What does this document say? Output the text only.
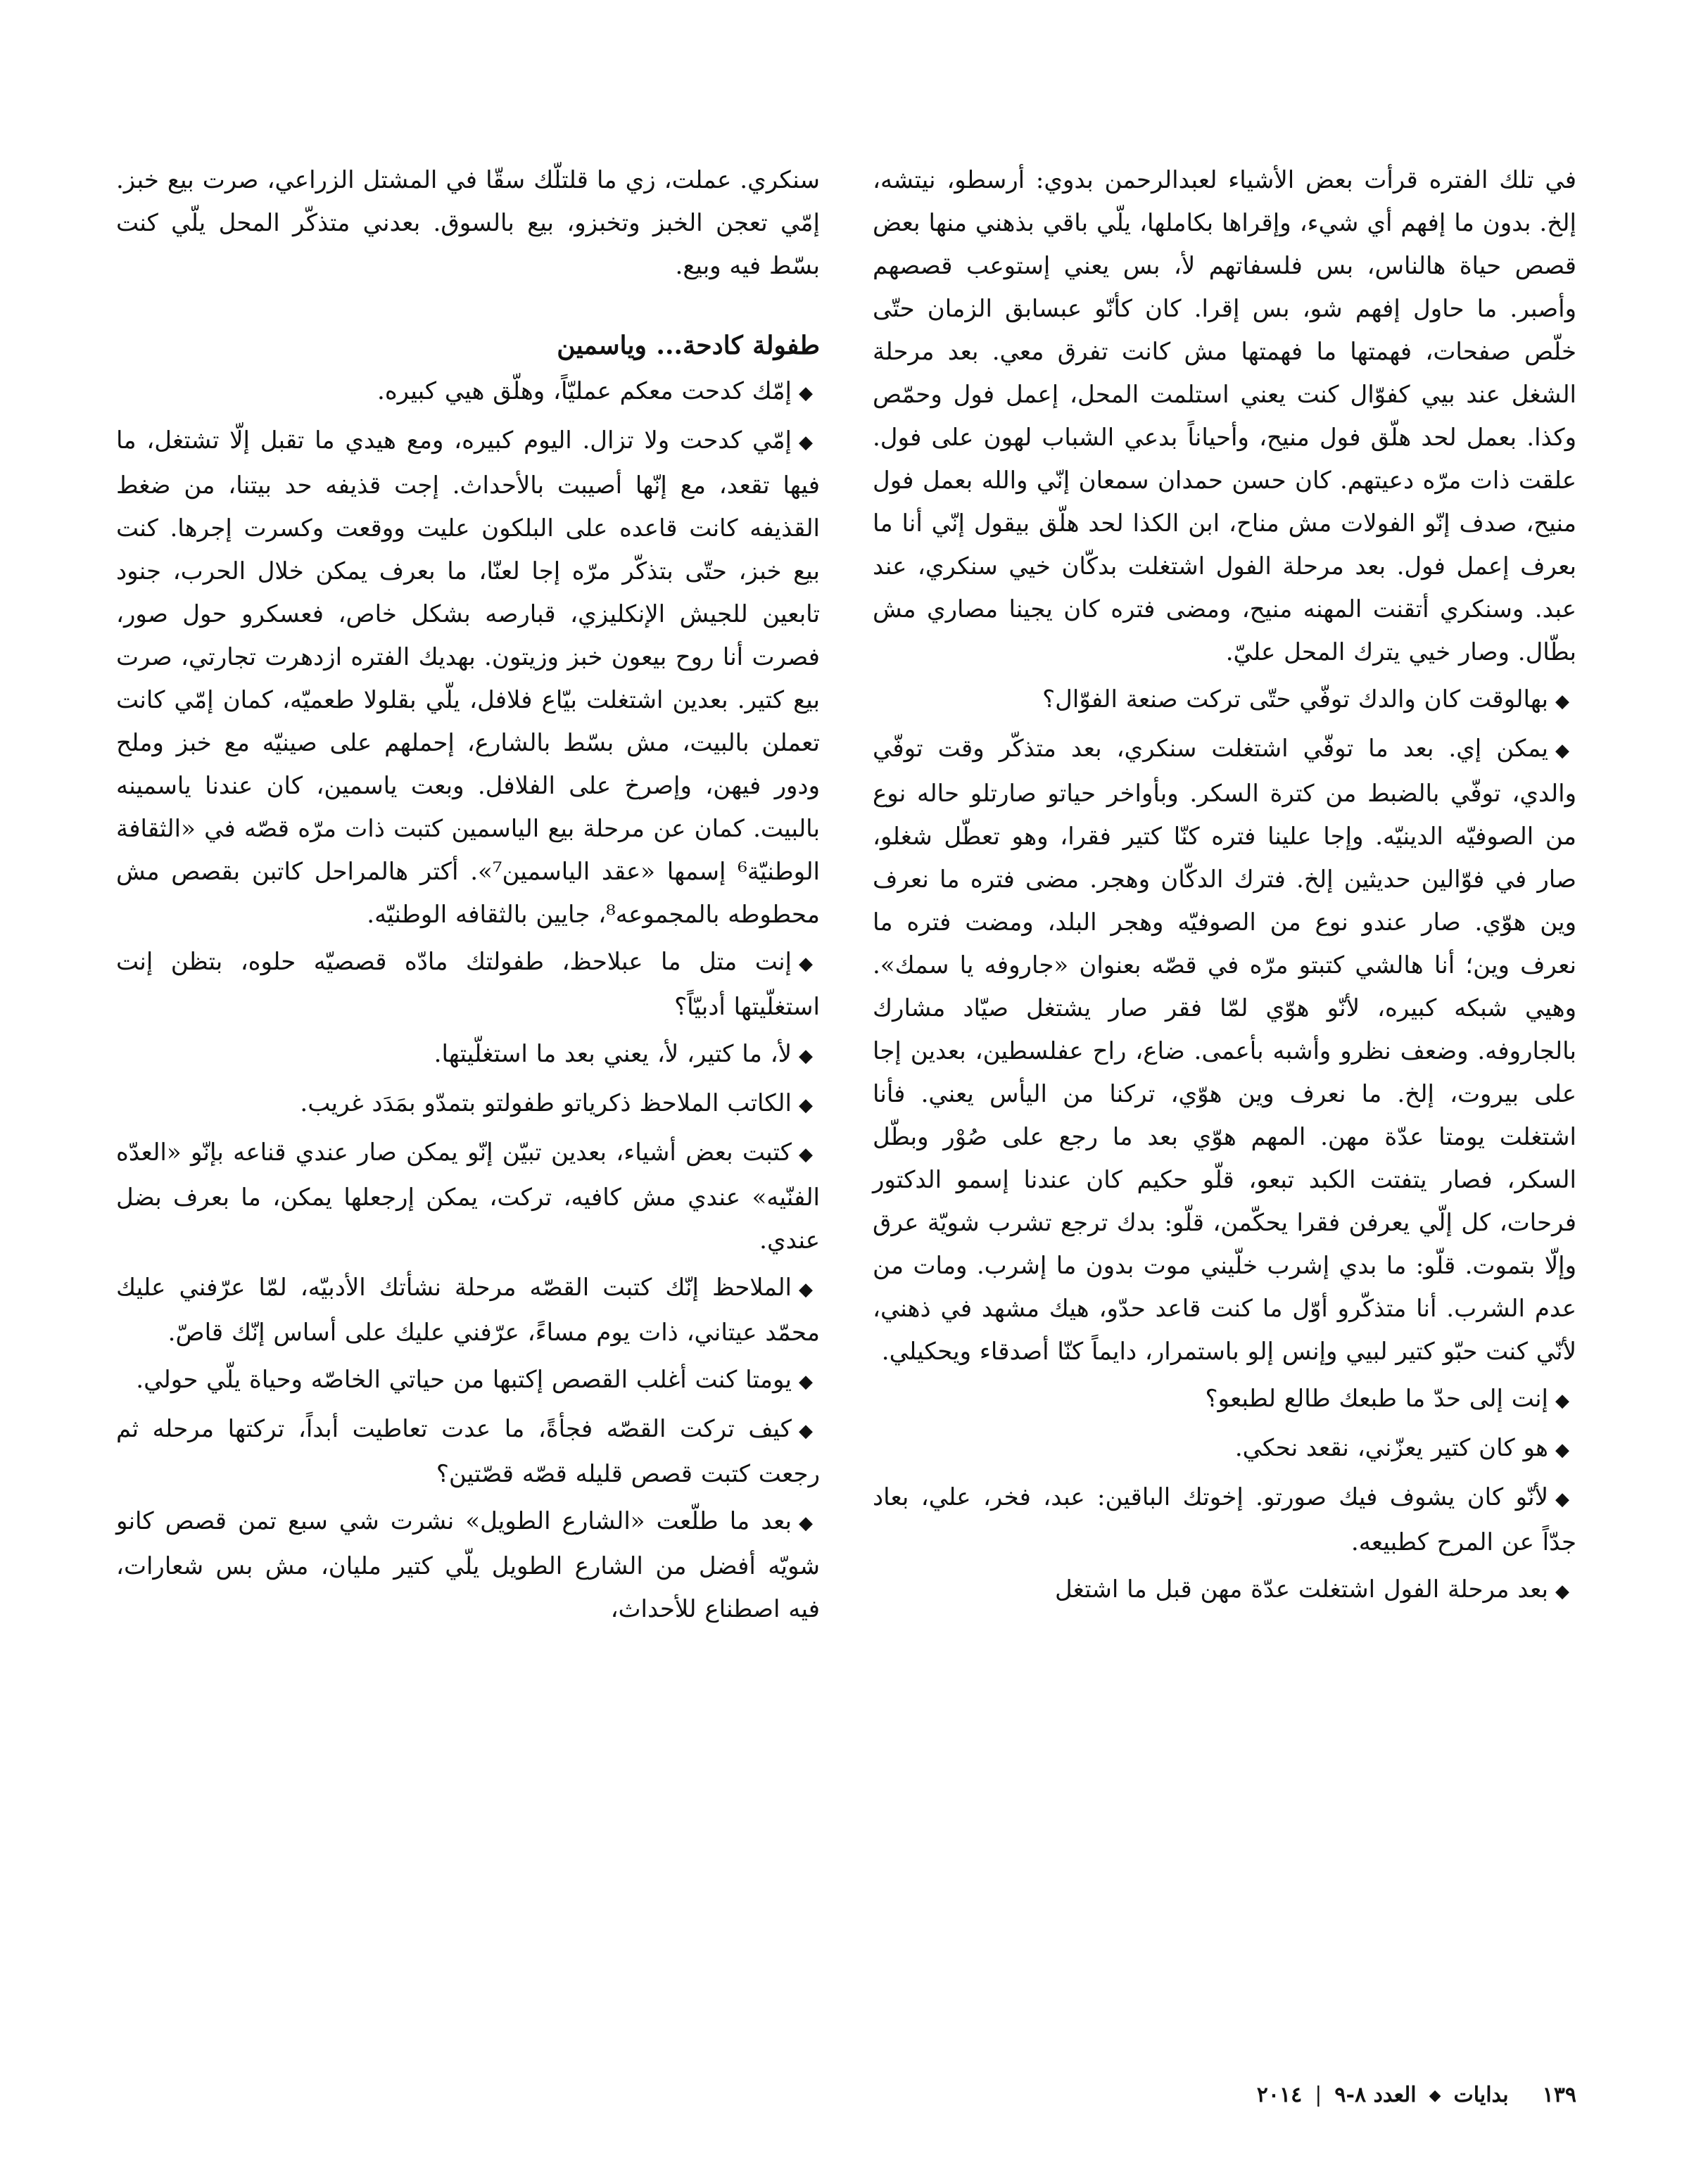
في تلك الفتره قرأت بعض الأشياء لعبدالرحمن بدوي: أرسطو، نيتشه، إلخ. بدون ما إفهم أي شيء، وإقراها بكاملها، يلّي باقي بذهني منها بعض قصص حياة هالناس، بس فلسفاتهم لأ، بس يعني إستوعب قصصهم وأصبر. ما حاول إفهم شو، بس إقرا. كان كأنّو عبسابق الزمان حتّى خلّص صفحات، فهمتها ما فهمتها مش كانت تفرق معي. بعد مرحلة الشغل عند بيي كفوّال كنت يعني استلمت المحل، إعمل فول وحمّص وكذا. بعمل لحد هلّق فول منيح، وأحياناً بدعي الشباب لهون على فول. علقت ذات مرّه دعيتهم. كان حسن حمدان سمعان إنّي والله بعمل فول منيح، صدف إنّو الفولات مش مناح، ابن الكذا لحد هلّق بيقول إنّي أنا ما بعرف إعمل فول. بعد مرحلة الفول اشتغلت بدكّان خيي سنكري، عند عبد. وسنكري أتقنت المهنه منيح، ومضى فتره كان يجينا مصاري مش بطّال. وصار خيي يترك المحل عليّ.

◆ بهالوقت كان والدك توفّي حتّى تركت صنعة الفوّال؟

◆ يمكن إي. بعد ما توفّي اشتغلت سنكري، بعد متذكّر وقت توفّي والدي، توفّي بالضبط من كترة السكر. وبأواخر حياتو صارتلو حاله نوع من الصوفيّه الدينيّه. وإجا علينا فتره كنّا كتير فقرا، وهو تعطّل شغلو، صار في فوّالين حديثين إلخ. فترك الدكّان وهجر. مضى فتره ما نعرف وين هوّي. صار عندو نوع من الصوفيّه وهجر البلد، ومضت فتره ما نعرف وين؛ أنا هالشي كتبتو مرّه في قصّه بعنوان «جاروفه يا سمك». وهيي شبكه كبيره، لأنّو هوّي لمّا فقر صار يشتغل صيّاد مشارك بالجاروفه. وضعف نظرو وأشبه بأعمى. ضاع، راح عفلسطين، بعدين إجا على بيروت، إلخ. ما نعرف وين هوّي، تركنا من اليأس يعني. فأنا اشتغلت يومتا عدّة مهن. المهم هوّي بعد ما رجع على صُوْر وبطّل السكر، فصار يتفتت الكبد تبعو، قلّو حكيم كان عندنا إسمو الدكتور فرحات، كل إلّي يعرفن فقرا يحكّمن، قلّو: بدك ترجع تشرب شويّة عرق وإلّا بتموت. قلّو: ما بدي إشرب خلّيني موت بدون ما إشرب. ومات من عدم الشرب. أنا متذكّرو أوّل ما كنت قاعد حدّو، هيك مشهد في ذهني، لأنّي كنت حبّو كتير لبيي وإنس إلو باستمرار، دايماً كنّا أصدقاء ويحكيلي.

◆ إنت إلى حدّ ما طبعك طالع لطبعو؟

◆ هو كان كتير يعزّني، نقعد نحكي.

◆ لأنّو كان يشوف فيك صورتو. إخوتك الباقين: عبد، فخر، علي، بعاد جدّاً عن المرح كطبيعه.

◆ بعد مرحلة الفول اشتغلت عدّة مهن قبل ما اشتغل

سنكري. عملت، زي ما قلتلّك سقّا في المشتل الزراعي، صرت بيع خبز. إمّي تعجن الخبز وتخبزو، بيع بالسوق. بعدني متذكّر المحل يلّي كنت بسّط فيه وبيع.

طفولة كادحة... وياسمين

◆ إمّك كدحت معكم عمليّاً، وهلّق هيي كبيره.

◆ إمّي كدحت ولا تزال. اليوم كبيره، ومع هيدي ما تقبل إلّا تشتغل، ما فيها تقعد، مع إنّها أصيبت بالأحداث. إجت قذيفه حد بيتنا، من ضغط القذيفه كانت قاعده على البلكون عليت ووقعت وكسرت إجرها. كنت بيع خبز، حتّى بتذكّر مرّه إجا لعنّا، ما بعرف يمكن خلال الحرب، جنود تابعين للجيش الإنكليزي، قبارصه بشكل خاص، فعسكرو حول صور، فصرت أنا روح بيعون خبز وزيتون. بهديك الفتره ازدهرت تجارتي، صرت بيع كتير. بعدين اشتغلت بيّاع فلافل، يلّي بقلولا طعميّه، كمان إمّي كانت تعملن بالبيت، مش بسّط بالشارع، إحملهم على صينيّه مع خبز وملح ودور فيهن، وإصرخ على الفلافل. وبعت ياسمين، كان عندنا ياسمينه بالبيت. كمان عن مرحلة بيع الياسمين كتبت ذات مرّه قصّه في «الثقافة الوطنيّة⁶ إسمها «عقد الياسمين⁷». أكتر هالمراحل كاتبن بقصص مش محطوطه بالمجموعه⁸، جايين بالثقافه الوطنيّه.

◆ إنت متل ما عبلاحظ، طفولتك مادّه قصصيّه حلوه، بتظن إنت استغلّيتها أدبيّاً؟

◆ لأ، ما كتير، لأ، يعني بعد ما استغلّيتها.

◆ الكاتب الملاحظ ذكرياتو طفولتو بتمدّو بمَدَد غريب.

◆ كتبت بعض أشياء، بعدين تبيّن إنّو يمكن صار عندي قناعه بإنّو «العدّه الفنّيه» عندي مش كافيه، تركت، يمكن إرجعلها يمكن، ما بعرف بضل عندي.

◆ الملاحظ إنّك كتبت القصّه مرحلة نشأتك الأدبيّه، لمّا عرّفني عليك محمّد عيتاني، ذات يوم مساءً، عرّفني عليك على أساس إنّك قاصّ.

◆ يومتا كنت أغلب القصص إكتبها من حياتي الخاصّه وحياة يلّي حولي.

◆ كيف تركت القصّه فجأةً، ما عدت تعاطيت أبداً، تركتها مرحله ثم رجعت كتبت قصص قليله قصّه قصّتين؟

◆ بعد ما طلّعت «الشارع الطويل» نشرت شي سبع تمن قصص كانو شويّه أفضل من الشارع الطويل يلّي كتير مليان، مش بس شعارات، فيه اصطناع للأحداث،

١٣٩
بدايات
◆
العدد ٨-٩
|
٢٠١٤
